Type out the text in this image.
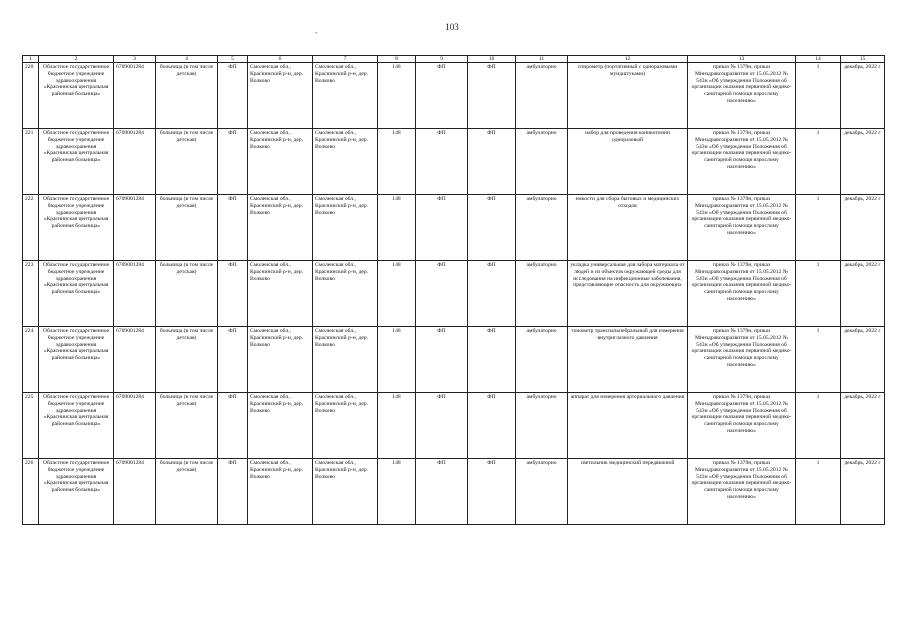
103
-
1	2	3	4	5	6	7	8	9	10	11	12	13	14	15
220	Областное государственное бюджетное учреждение здравоохранения «Краснинская центральная районная больница»	6709001284	больница (в том числе детская)	ФП	Смоленская обл., Краснинский р-н, дер. Волково	Смоленская обл., Краснинский р-н, дер. Волково	148	ФП	ФП	амбулаторно	спирометр (портативный с одноразовыми мундштуками)	приказ № 1379н, приказ Минздравсоцразвития от 15.05.2012 № 543н «Об утверждении Положения об организации оказания первичной медико-санитарной помощи взрослому населению»	1	декабрь, 2022 г
221	Областное государственное бюджетное учреждение здравоохранения «Краснинская центральная районная больница»	6709001284	больница (в том числе детская)	ФП	Смоленская обл., Краснинский р-н, дер. Волково	Смоленская обл., Краснинский р-н, дер. Волково	148	ФП	ФП	амбулаторно	набор для проведения коникотомии одноразовый	приказ № 1379н, приказ Минздравсоцразвития от 15.05.2012 № 543н «Об утверждении Положения об организации оказания первичной медико-санитарной помощи взрослому населению»	1	декабрь, 2022 г
222	Областное государственное бюджетное учреждение здравоохранения «Краснинская центральная районная больница»	6709001284	больница (в том числе детская)	ФП	Смоленская обл., Краснинский р-н, дер. Волково	Смоленская обл., Краснинский р-н, дер. Волково	148	ФП	ФП	амбулаторно	емкости для сбора бытовых и медицинских отходов	приказ № 1379н, приказ Минздравсоцразвития от 15.05.2012 № 543н «Об утверждении Положения об организации оказания первичной медико-санитарной помощи взрослому населению»	1	декабрь, 2022 г
223	Областное государственное бюджетное учреждение здравоохранения «Краснинская центральная районная больница»	6709001284	больница (в том числе детская)	ФП	Смоленская обл., Краснинский р-н, дер. Волково	Смоленская обл., Краснинский р-н, дер. Волково	148	ФП	ФП	амбулаторно	укладка универсальная для забора материала от людей и из объектов окружающей среды для исследования на инфекционные заболевания, представляющие опасность для окружающих	приказ № 1379н, приказ Минздравсоцразвития от 15.05.2012 № 543н «Об утверждении Положения об организации оказания первичной медико-санитарной помощи взрослому населению»	1	декабрь, 2022 г
224	Областное государственное бюджетное учреждение здравоохранения «Краснинская центральная районная больница»	6709001284	больница (в том числе детская)	ФП	Смоленская обл., Краснинский р-н, дер. Волково	Смоленская обл., Краснинский р-н, дер. Волково	148	ФП	ФП	амбулаторно	тонометр транспальпебральный для измерения внутриглазного давления	приказ № 1379н, приказ Минздравсоцразвития от 15.05.2012 № 543н «Об утверждении Положения об организации оказания первичной медико-санитарной помощи взрослому населению»	1	декабрь, 2022 г
225	Областное государственное бюджетное учреждение здравоохранения «Краснинская центральная районная больница»	6709001284	больница (в том числе детская)	ФП	Смоленская обл., Краснинский р-н, дер. Волково	Смоленская обл., Краснинский р-н, дер. Волково	148	ФП	ФП	амбулаторно	аппарат для измерения артериального давления	приказ № 1379н, приказ Минздравсоцразвития от 15.05.2012 № 543н «Об утверждении Положения об организации оказания первичной медико-санитарной помощи взрослому населению»	1	декабрь, 2022 г
226	Областное государственное бюджетное учреждение здравоохранения «Краснинская центральная районная больница»	6709001284	больница (в том числе детская)	ФП	Смоленская обл., Краснинский р-н, дер. Волково	Смоленская обл., Краснинский р-н, дер. Волково	148	ФП	ФП	амбулаторно	светильник медицинский передвижной	приказ № 1379н, приказ Минздравсоцразвития от 15.05.2012 № 543н «Об утверждении Положения об организации оказания первичной медико-санитарной помощи взрослому населению»	1	декабрь, 2022 г
